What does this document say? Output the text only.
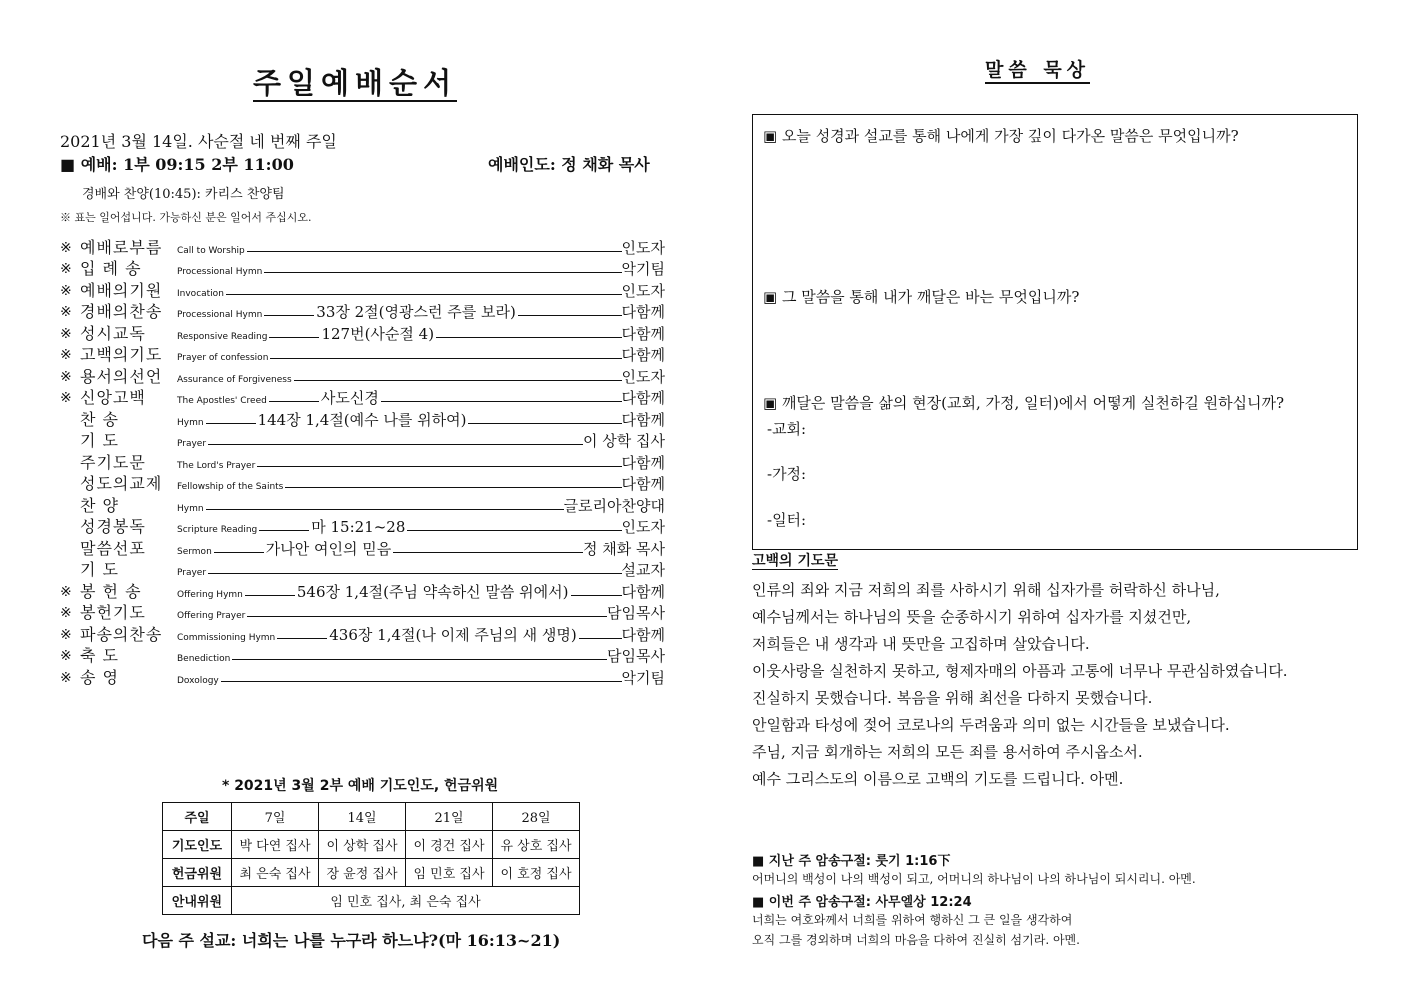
주일예배순서
2021년 3월 14일. 사순절 네 번째 주일
■ 예배: 1부 09:15 2부 11:00	예배인도: 정 채화 목사
경배와 찬양(10:45): 카리스 찬양팀
※ 표는 일어섭니다. 가능하신 분은 일어서 주십시오.
※ 예배로부름	Call to Worship	인도자
※ 입 례 송	Processional Hymn	악기팀
※ 예배의기원	Invocation	인도자
※ 경배의찬송	Processional Hymn	33장 2절(영광스런 주를 보라)	다함께
※ 성시교독	Responsive Reading	127번(사순절 4)	다함께
※ 고백의기도	Prayer of confession	다함께
※ 용서의선언	Assurance of Forgiveness	인도자
※ 신앙고백	The Apostles' Creed	사도신경	다함께
찬 송	Hymn	144장 1,4절(예수 나를 위하여)	다함께
기 도	Prayer	이 상학 집사
주기도문	The Lord's Prayer	다함께
성도의교제	Fellowship of the Saints	다함께
찬 양	Hymn	글로리아찬양대
성경봉독	Scripture Reading	마 15:21~28	인도자
말씀선포	Sermon	가나안 여인의 믿음	정 채화 목사
기 도	Prayer	설교자
※ 봉 헌 송	Offering Hymn	546장 1,4절(주님 약속하신 말씀 위에서)	다함께
※ 봉헌기도	Offering Prayer	담임목사
※ 파송의찬송	Commissioning Hymn	436장 1,4절(나 이제 주님의 새 생명)	다함께
※ 축 도	Benediction	담임목사
※ 송 영	Doxology	악기팀
* 2021년 3월 2부 예배 기도인도, 헌금위원
주일	7일	14일	21일	28일
기도인도	박 다연 집사	이 상학 집사	이 경건 집사	유 상호 집사
헌금위원	최 은숙 집사	장 윤정 집사	임 민호 집사	이 호정 집사
안내위원	임 민호 집사, 최 은숙 집사			
다음 주 설교: 너희는 나를 누구라 하느냐?(마 16:13~21)
말씀 묵상
▣ 오늘 성경과 설교를 통해 나에게 가장 깊이 다가온 말씀은 무엇입니까?
▣ 그 말씀을 통해 내가 깨달은 바는 무엇입니까?
▣ 깨달은 말씀을 삶의 현장(교회, 가정, 일터)에서 어떻게 실천하길 원하십니까?
-교회:
-가정:
-일터:
고백의 기도문
인류의 죄와 지금 저희의 죄를 사하시기 위해 십자가를 허락하신 하나님,
예수님께서는 하나님의 뜻을 순종하시기 위하여 십자가를 지셨건만,
저희들은 내 생각과 내 뜻만을 고집하며 살았습니다.
이웃사랑을 실천하지 못하고, 형제자매의 아픔과 고통에 너무나 무관심하였습니다.
진실하지 못했습니다. 복음을 위해 최선을 다하지 못했습니다.
안일함과 타성에 젖어 코로나의 두려움과 의미 없는 시간들을 보냈습니다.
주님, 지금 회개하는 저희의 모든 죄를 용서하여 주시옵소서.
예수 그리스도의 이름으로 고백의 기도를 드립니다. 아멘.
■ 지난 주 암송구절: 룻기 1:16下
어머니의 백성이 나의 백성이 되고, 어머니의 하나님이 나의 하나님이 되시리니. 아멘.
■ 이번 주 암송구절: 사무엘상 12:24
너희는 여호와께서 너희를 위하여 행하신 그 큰 일을 생각하여
오직 그를 경외하며 너희의 마음을 다하여 진실히 섬기라. 아멘.
